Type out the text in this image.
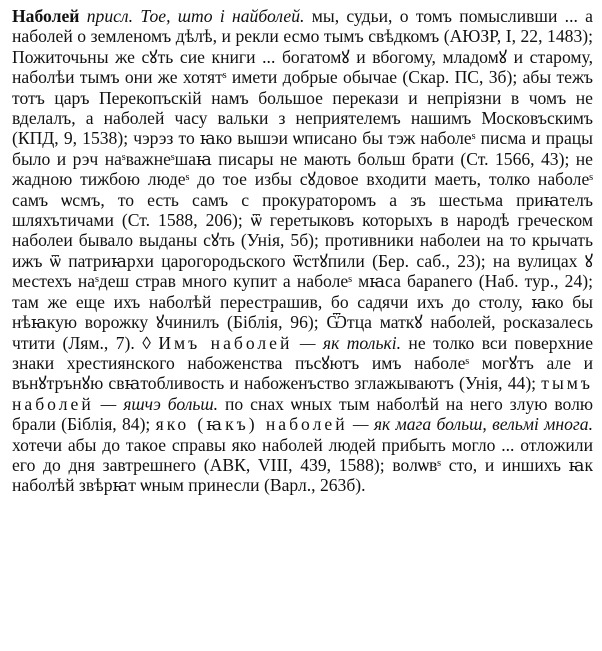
Наболей присл. Тое, што і найболей. мы, судьи, о томъ помысливши ... а наболей о земленомъ дѣлѣ, и рекли есмо тымъ свѣдкомъ (АЮЗР, I, 22, 1483); Пожиточьны же сꙋть сие книги ... богатомꙋ и вбогому, младомꙋ и старому, наболѣи тымъ они же хотятˢ имети добрые обычае (Скар. ПС, 3б); абы тежъ тотъ царъ Перекопъскій намъ большое перекази и непріязни в чомъ не вделалъ, а наболей часу вальки з неприятелемъ нашимъ Московъскимъ (КПД, 9, 1538); чэрэз то ꙗко вышэи ѡписано бы тэж наболеˢ писма и працы было и рэч наˢважнеˢшаꙗ писары не мають больш брати (Ст. 1566, 43); не жадною тижбою людеˢ до тое избы сꙋдовое входити маеть, толко наболеˢ самъ ѡсмъ, то есть самъ с прокураторомъ а зъ шестьма приꙗтелъ шляхътичами (Ст. 1588, 206); ѿ геретыковъ которыхъ в народѣ греческом наболеи бывало выданы сꙋть (Унія, 5б); противники наболеи на то крычать ижъ ѿ патриꙗрхи царогородьского ѿстꙋпили (Бер. саб., 23); на вулицах ꙋ местехъ наˢдеш страв много купит а наболеˢ мꙗса бараnего (Наб. тур., 24); там же еще ихъ наболѣй перестрашив, бо садячи ихъ до столу, ꙗко бы нѣꙗкую ворожку ꙋчинилъ (Біблія, 96); Ѿтца маткꙋ наболей, росказалесь чтити (Лям., 7). ◊ Имъ наболей — як толькі. не толко вси поверхние знаки хрестиянского набоженства пъсꙋютъ имъ наболеˢ могꙋтъ але и вънꙋтрънꙋю свꙗтобливость и набоженъство зглажываютъ (Унія, 44); тымъ наболей — яшчэ больш. по снах ѡных тым наболѣй на него злую волю брали (Біблія, 84); яко (ꙗкъ) наболей — як мага больш, вельмі многа. хотечи абы до такое справы яко наболей людей прибыть могло ... отложили его до дня завтрешнего (АВК, VIII, 439, 1588); волѡвˢ сто, и иншихъ ꙗк наболѣй звѣрꙗт ѡным принесли (Варл., 263б).
